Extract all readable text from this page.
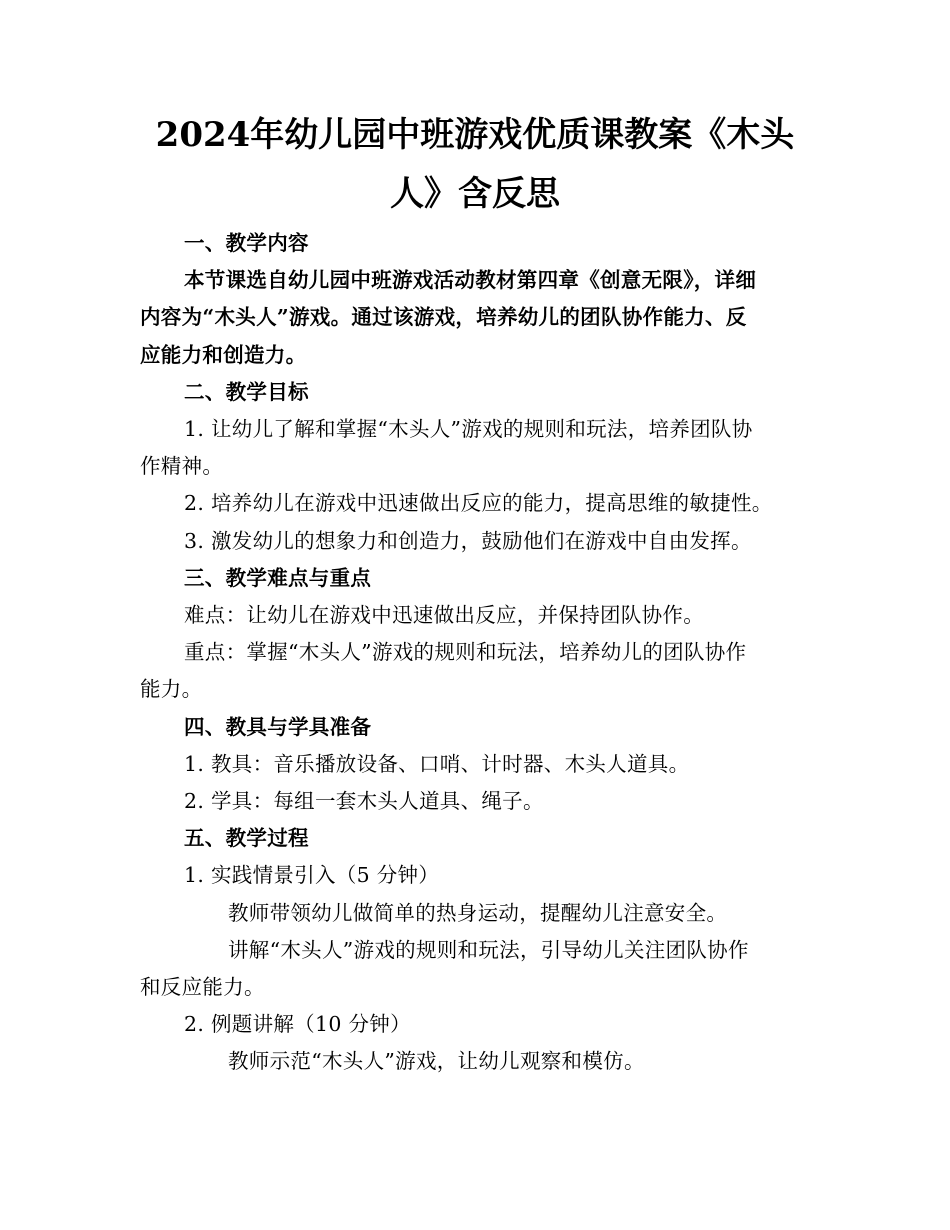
2024年幼儿园中班游戏优质课教案《木头
人》含反思
一、教学内容
本节课选自幼儿园中班游戏活动教材第四章《创意无限》，详细
内容为“木头人”游戏。通过该游戏，培养幼儿的团队协作能力、反
应能力和创造力。
二、教学目标
1. 让幼儿了解和掌握“木头人”游戏的规则和玩法，培养团队协
作精神。
2. 培养幼儿在游戏中迅速做出反应的能力，提高思维的敏捷性。
3. 激发幼儿的想象力和创造力，鼓励他们在游戏中自由发挥。
三、教学难点与重点
难点：让幼儿在游戏中迅速做出反应，并保持团队协作。
重点：掌握“木头人”游戏的规则和玩法，培养幼儿的团队协作
能力。
四、教具与学具准备
1. 教具：音乐播放设备、口哨、计时器、木头人道具。
2. 学具：每组一套木头人道具、绳子。
五、教学过程
1. 实践情景引入（5 分钟）
教师带领幼儿做简单的热身运动，提醒幼儿注意安全。
讲解“木头人”游戏的规则和玩法，引导幼儿关注团队协作
和反应能力。
2. 例题讲解（10 分钟）
教师示范“木头人”游戏，让幼儿观察和模仿。
